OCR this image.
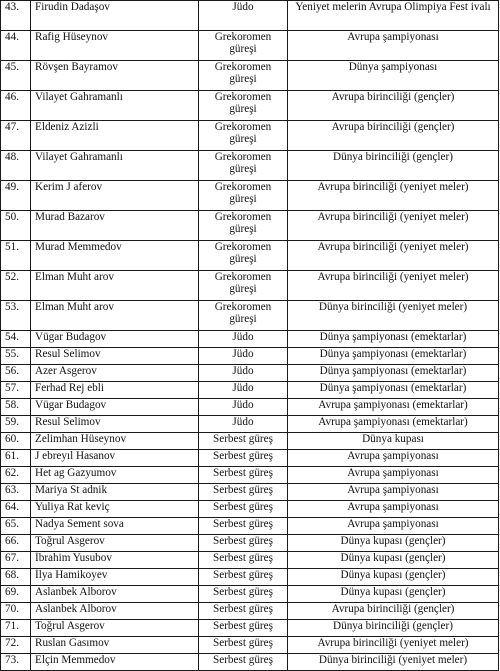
43.	Firudin Dadaşov	Jüdo	Yeniyet melerin Avrupa Olimpiya Fest ivalı
44.	Rafig Hüseynov	Grekoromen güreşi	Avrupa şampiyonası
45.	Rövşen Bayramov	Grekoromen güreşi	Dünya şampiyonası
46.	Vilayet Gahramanlı	Grekoromen güreşi	Avrupa birinciliği (gençler)
47.	Eldeniz Azizli	Grekoromen güreşi	Avrupa birinciliği (gençler)
48.	Vilayet Gahramanlı	Grekoromen güreşi	Dünya birinciliği (gençler)
49.	Kerim J aferov	Grekoromen güreşi	Avrupa birinciliği (yeniyet meler)
50.	Murad Bazarov	Grekoromen güreşi	Avrupa birinciliği (yeniyet meler)
51.	Murad Memmedov	Grekoromen güreşi	Avrupa birinciliği (yeniyet meler)
52.	Elman Muht arov	Grekoromen güreşi	Avrupa birinciliği (yeniyet meler)
53.	Elman Muht arov	Grekoromen güreşi	Dünya birinciliği (yeniyet meler)
54.	Vügar Budagov	Jüdo	Dünya şampiyonası (emektarlar)
55.	Resul Selimov	Jüdo	Dünya şampiyonası (emektarlar)
56.	Azer Asgerov	Jüdo	Dünya şampiyonası (emektarlar)
57.	Ferhad Rej ebli	Jüdo	Dünya şampiyonası (emektarlar)
58.	Vügar Budagov	Jüdo	Avrupa şampiyonası (emektarlar)
59.	Resul Selimov	Jüdo	Avrupa şampiyonası (emektarlar)
60.	Zelimhan Hüseynov	Serbest güreş	Dünya kupası
61.	J ebreyıl Hasanov	Serbest güreş	Avrupa şampiyonası
62.	Het ag Gazyumov	Serbest güreş	Avrupa şampiyonası
63.	Mariya St adnik	Serbest güreş	Avrupa şampiyonası
64.	Yuliya Rat keviç	Serbest güreş	Avrupa şampiyonası
65.	Nadya Sement sova	Serbest güreş	Avrupa şampiyonası
66.	Toğrul Asgerov	Serbest güreş	Dünya kupası (gençler)
67.	İbrahim Yusubov	Serbest güreş	Dünya kupası (gençler)
68.	İlya Hamikoyev	Serbest güreş	Dünya kupası (gençler)
69.	Aslanbek Alborov	Serbest güreş	Dünya kupası (gençler)
70.	Aslanbek Alborov	Serbest güreş	Avrupa birinciliği (gençler)
71.	Toğrul Asgerov	Serbest güreş	Dünya birinciliği (gençler)
72.	Ruslan Gasımov	Serbest güreş	Avrupa birinciliği (yeniyet meler)
73.	Elçin Memmedov	Serbest güreş	Dünya birinciliği (yeniyet meler)
